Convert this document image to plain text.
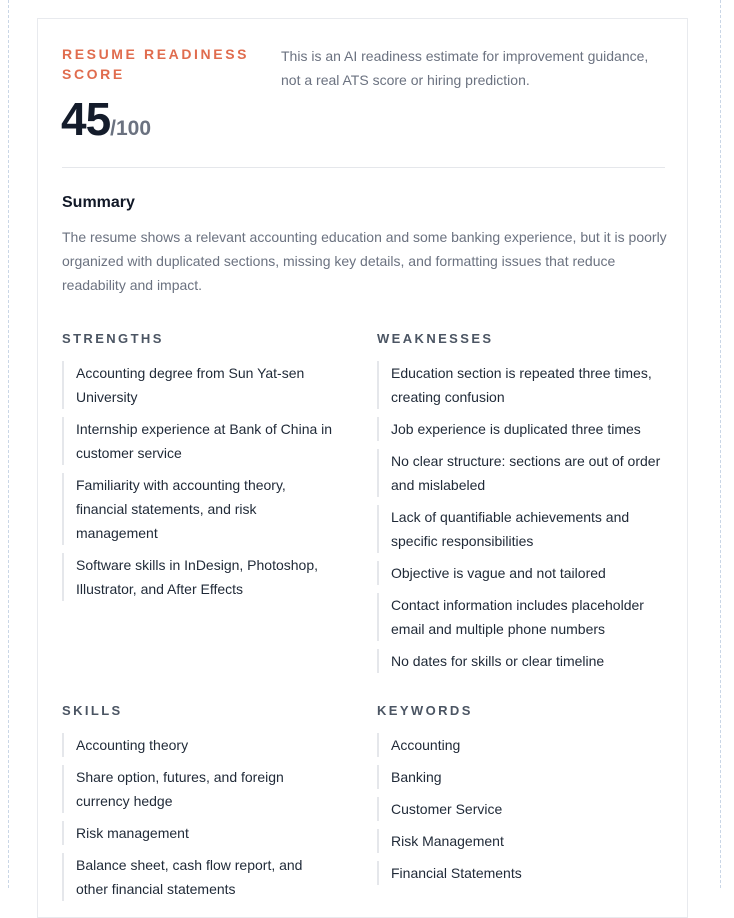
RESUME READINESS SCORE
45/100
This is an AI readiness estimate for improvement guidance, not a real ATS score or hiring prediction.
Summary
The resume shows a relevant accounting education and some banking experience, but it is poorly organized with duplicated sections, missing key details, and formatting issues that reduce readability and impact.
STRENGTHS
Accounting degree from Sun Yat-sen University
Internship experience at Bank of China in customer service
Familiarity with accounting theory, financial statements, and risk management
Software skills in InDesign, Photoshop, Illustrator, and After Effects
WEAKNESSES
Education section is repeated three times, creating confusion
Job experience is duplicated three times
No clear structure: sections are out of order and mislabeled
Lack of quantifiable achievements and specific responsibilities
Objective is vague and not tailored
Contact information includes placeholder email and multiple phone numbers
No dates for skills or clear timeline
SKILLS
Accounting theory
Share option, futures, and foreign currency hedge
Risk management
Balance sheet, cash flow report, and other financial statements
KEYWORDS
Accounting
Banking
Customer Service
Risk Management
Financial Statements
